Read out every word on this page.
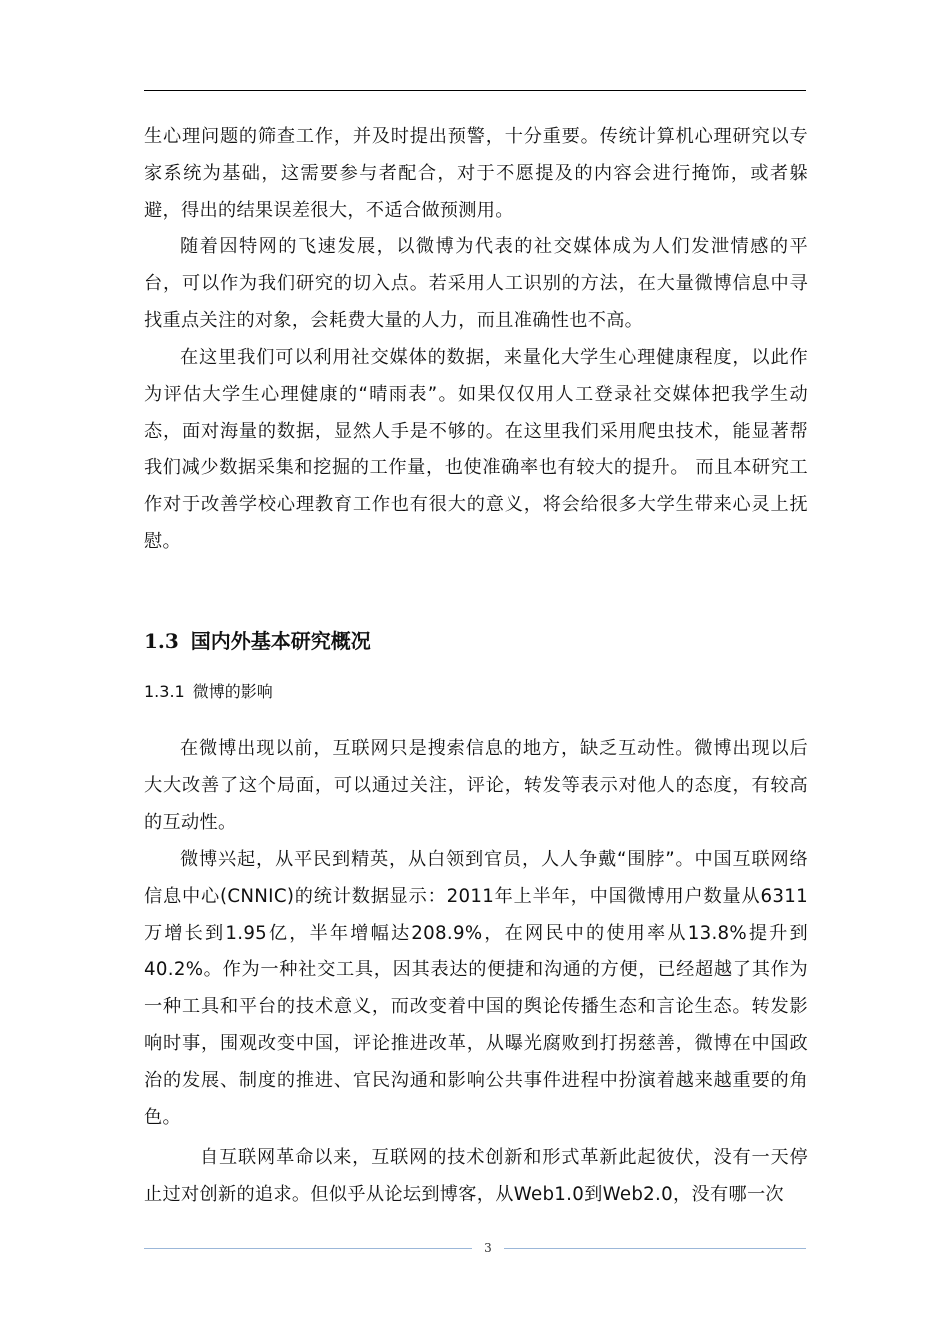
生心理问题的筛查工作，并及时提出预警，十分重要。传统计算机心理研究以专家系统为基础，这需要参与者配合，对于不愿提及的内容会进行掩饰，或者躲避，得出的结果误差很大，不适合做预测用。

随着因特网的飞速发展，以微博为代表的社交媒体成为人们发泄情感的平台，可以作为我们研究的切入点。若采用人工识别的方法，在大量微博信息中寻找重点关注的对象，会耗费大量的人力，而且准确性也不高。

在这里我们可以利用社交媒体的数据，来量化大学生心理健康程度，以此作为评估大学生心理健康的“晴雨表”。如果仅仅用人工登录社交媒体把我学生动态，面对海量的数据，显然人手是不够的。在这里我们采用爬虫技术，能显著帮我们减少数据采集和挖掘的工作量，也使准确率也有较大的提升。 而且本研究工作对于改善学校心理教育工作也有很大的意义，将会给很多大学生带来心灵上抚慰。

1.3 国内外基本研究概况
1.3.1 微博的影响

在微博出现以前，互联网只是搜索信息的地方，缺乏互动性。微博出现以后大大改善了这个局面，可以通过关注，评论，转发等表示对他人的态度，有较高的互动性。

微博兴起，从平民到精英，从白领到官员，人人争戴“围脖”。中国互联网络信息中心(CNNIC)的统计数据显示：2011年上半年，中国微博用户数量从6311万增长到1.95亿，半年增幅达208.9%，在网民中的使用率从13.8%提升到40.2%。作为一种社交工具，因其表达的便捷和沟通的方便，已经超越了其作为一种工具和平台的技术意义，而改变着中国的舆论传播生态和言论生态。转发影响时事，围观改变中国，评论推进改革，从曝光腐败到打拐慈善，微博在中国政治的发展、制度的推进、官民沟通和影响公共事件进程中扮演着越来越重要的角色。

自互联网革命以来，互联网的技术创新和形式革新此起彼伏，没有一天停止过对创新的追求。但似乎从论坛到博客，从Web1.0到Web2.0，没有哪一次

3
